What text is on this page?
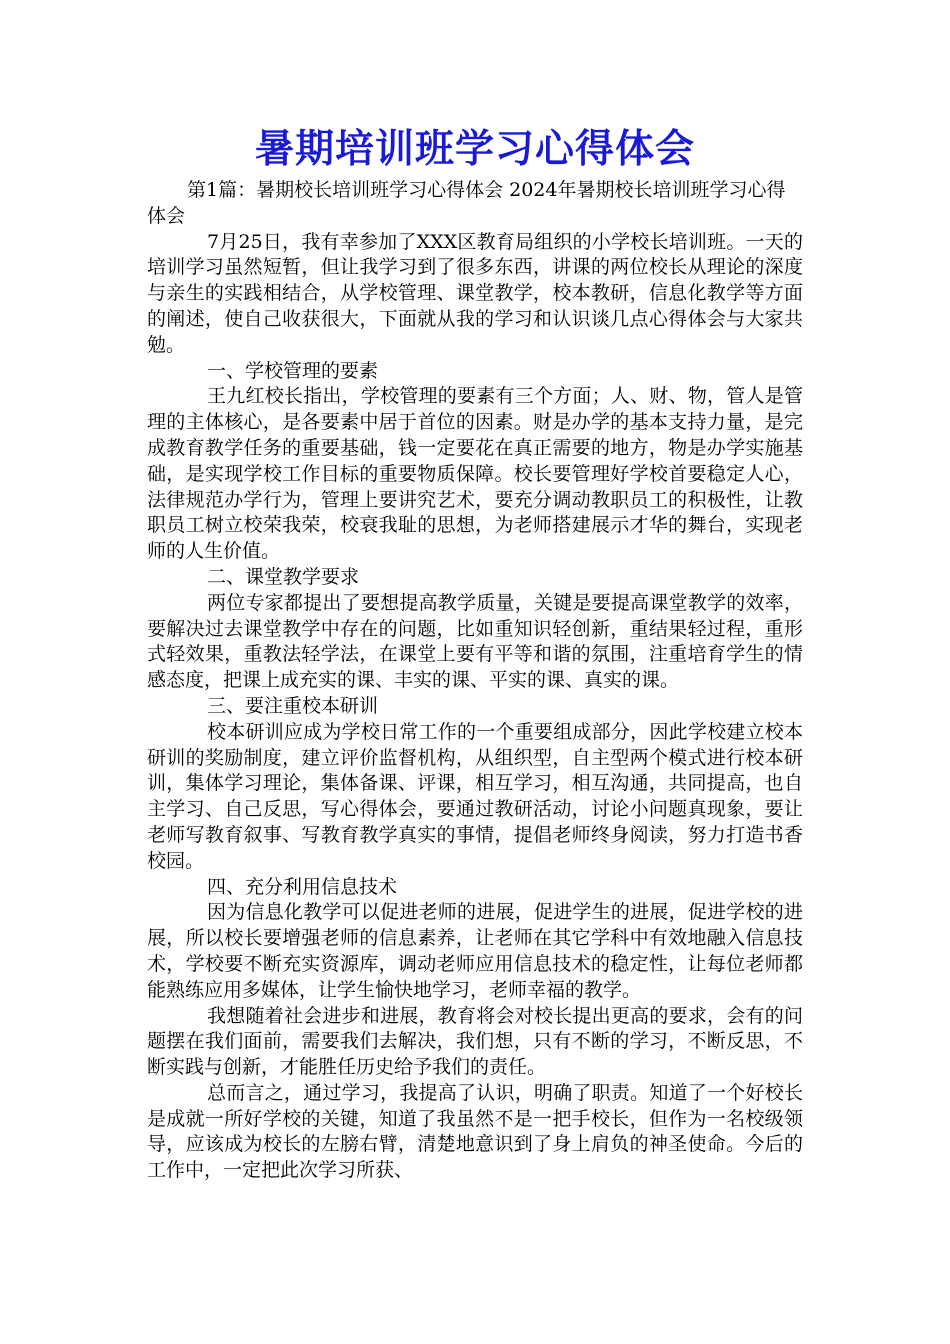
暑期培训班学习心得体会

第1篇：暑期校长培训班学习心得体会 2024年暑期校长培训班学习心得体会

7月25日，我有幸参加了XXX区教育局组织的小学校长培训班。一天的培训学习虽然短暂，但让我学习到了很多东西，讲课的两位校长从理论的深度与亲生的实践相结合，从学校管理、课堂教学，校本教研，信息化教学等方面的阐述，使自己收获很大，下面就从我的学习和认识谈几点心得体会与大家共勉。

一、学校管理的要素

王九红校长指出，学校管理的要素有三个方面；人、财、物，管人是管理的主体核心，是各要素中居于首位的因素。财是办学的基本支持力量，是完成教育教学任务的重要基础，钱一定要花在真正需要的地方，物是办学实施基础，是实现学校工作目标的重要物质保障。校长要管理好学校首要稳定人心，法律规范办学行为，管理上要讲究艺术，要充分调动教职员工的积极性，让教职员工树立校荣我荣，校衰我耻的思想，为老师搭建展示才华的舞台，实现老师的人生价值。

二、课堂教学要求

两位专家都提出了要想提高教学质量，关键是要提高课堂教学的效率，要解决过去课堂教学中存在的问题，比如重知识轻创新，重结果轻过程，重形式轻效果，重教法轻学法，在课堂上要有平等和谐的氛围，注重培育学生的情感态度，把课上成充实的课、丰实的课、平实的课、真实的课。

三、要注重校本研训

校本研训应成为学校日常工作的一个重要组成部分，因此学校建立校本研训的奖励制度，建立评价监督机构，从组织型，自主型两个模式进行校本研训，集体学习理论，集体备课、评课，相互学习，相互沟通，共同提高，也自主学习、自己反思，写心得体会，要通过教研活动，讨论小问题真现象，要让老师写教育叙事、写教育教学真实的事情，提倡老师终身阅读，努力打造书香校园。

四、充分利用信息技术

因为信息化教学可以促进老师的进展，促进学生的进展，促进学校的进展，所以校长要增强老师的信息素养，让老师在其它学科中有效地融入信息技术，学校要不断充实资源库，调动老师应用信息技术的稳定性，让每位老师都能熟练应用多媒体，让学生愉快地学习，老师幸福的教学。

我想随着社会进步和进展，教育将会对校长提出更高的要求，会有的问题摆在我们面前，需要我们去解决，我们想，只有不断的学习，不断反思，不断实践与创新，才能胜任历史给予我们的责任。

总而言之，通过学习，我提高了认识，明确了职责。知道了一个好校长是成就一所好学校的关键，知道了我虽然不是一把手校长，但作为一名校级领导，应该成为校长的左膀右臂，清楚地意识到了身上肩负的神圣使命。今后的工作中，一定把此次学习所获、
